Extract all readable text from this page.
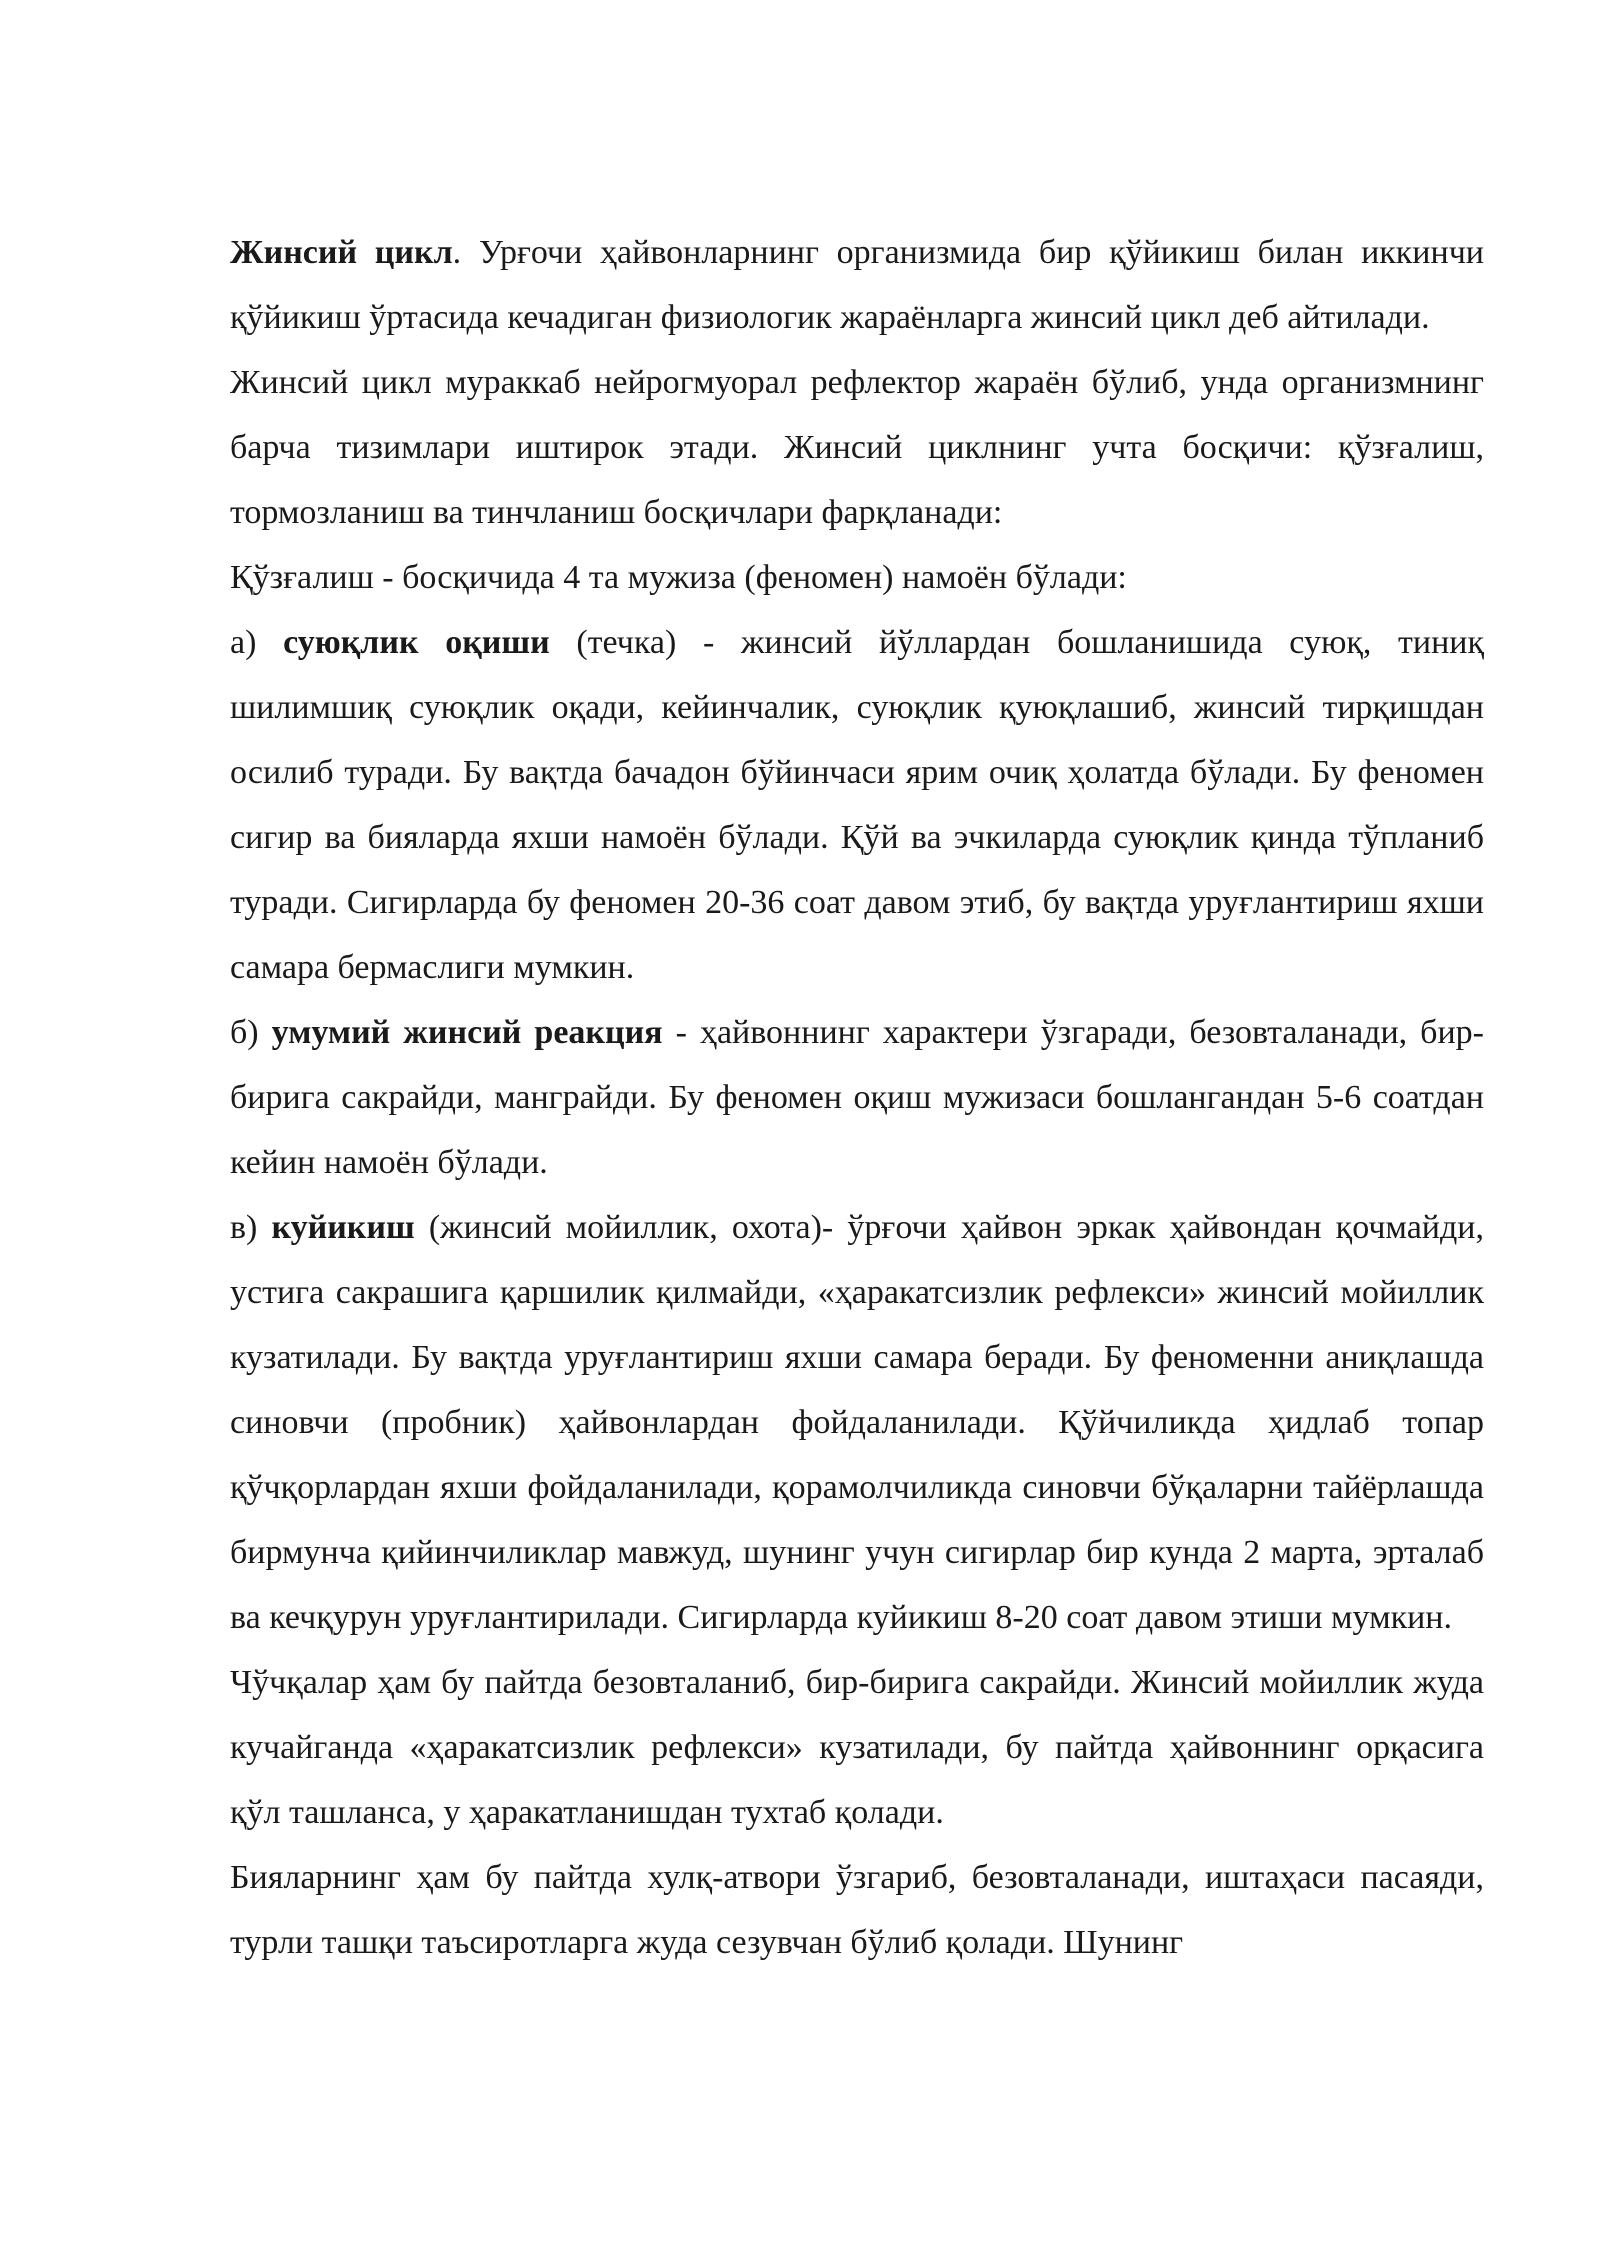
Жинсий цикл. Урғочи ҳайвонларнинг организмида бир қўйикиш билан иккинчи қўйикиш ўртасида кечадиган физиологик жараёнларга жинсий цикл деб айтилади.

Жинсий цикл мураккаб нейрогмуорал рефлектор жараён бўлиб, унда организмнинг барча тизимлари иштирок этади. Жинсий циклнинг учта босқичи: қўзғалиш, тормозланиш ва тинчланиш босқичлари фарқланади:

Қўзғалиш - босқичида 4 та мужиза (феномен) намоён бўлади:

а) суюқлик оқиши (течка) - жинсий йўллардан бошланишида суюқ, тиниқ шилимшиқ суюқлик оқади, кейинчалик, суюқлик қуюқлашиб, жинсий тирқишдан осилиб туради. Бу вақтда бачадон бўйинчаси ярим очиқ ҳолатда бўлади. Бу феномен сигир ва бияларда яхши намоён бўлади. Қўй ва эчкиларда суюқлик қинда тўпланиб туради. Сигирларда бу феномен 20-36 соат давом этиб, бу вақтда уруғлантириш яхши самара бермаслиги мумкин.

б) умумий жинсий реакция - ҳайвоннинг характери ўзгаради, безовталанади, бир-бирига сакрайди, манграйди. Бу феномен оқиш мужизаси бошлангандан 5-6 соатдан кейин намоён бўлади.

в) куйикиш (жинсий мойиллик, охота)- ўрғочи ҳайвон эркак ҳайвондан қочмайди, устига сакрашига қаршилик қилмайди, «ҳаракатсизлик рефлекси» жинсий мойиллик кузатилади. Бу вақтда уруғлантириш яхши самара беради. Бу феноменни аниқлашда синовчи (пробник) ҳайвонлардан фойдаланилади. Қўйчиликда ҳидлаб топар қўчқорлардан яхши фойдаланилади, қорамолчиликда синовчи бўқаларни тайёрлашда бирмунча қийинчиликлар мавжуд, шунинг учун сигирлар бир кунда 2 марта, эрталаб ва кечқурун уруғлантирилади. Сигирларда куйикиш 8-20 соат давом этиши мумкин.

Чўчқалар ҳам бу пайтда безовталаниб, бир-бирига сакрайди. Жинсий мойиллик жуда кучайганда «ҳаракатсизлик рефлекси» кузатилади, бу пайтда ҳайвоннинг орқасига қўл ташланса, у ҳаракатланишдан тухтаб қолади.

Бияларнинг ҳам бу пайтда хулқ-атвори ўзгариб, безовталанади, иштаҳаси пасаяди, турли ташқи таъсиротларга жуда сезувчан бўлиб қолади. Шунинг
